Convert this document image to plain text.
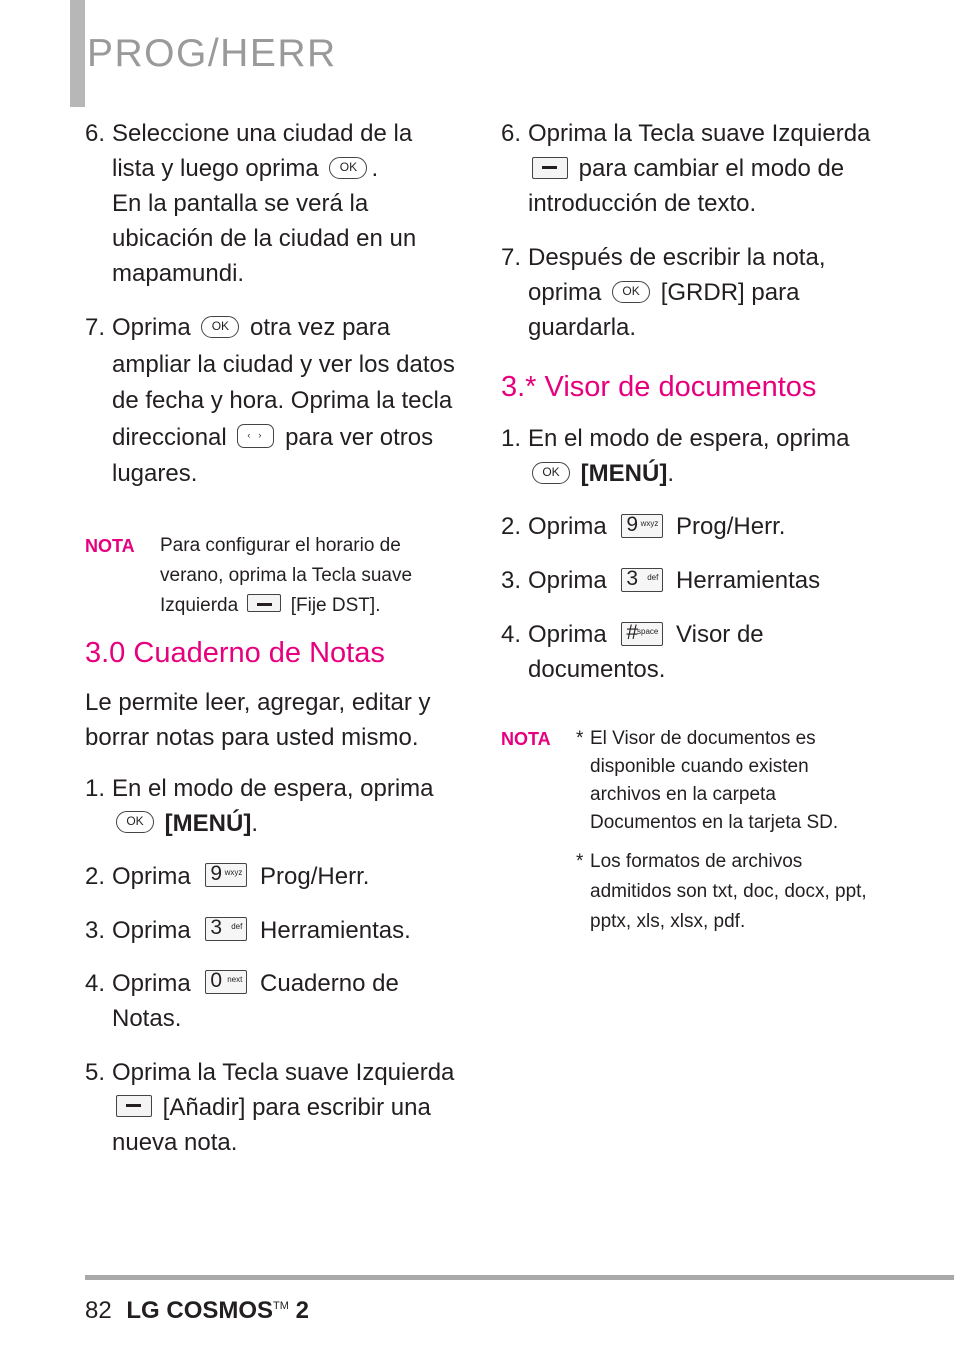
PROG/HERR
6. Seleccione una ciudad de la lista y luego oprima OK .
En la pantalla se verá la ubicación de la ciudad en un mapamundi.
7. Oprima OK otra vez para ampliar la ciudad y ver los datos de fecha y hora. Oprima la tecla direccional ‹› para ver otros lugares.
NOTA Para configurar el horario de verano, oprima la Tecla suave Izquierda	[Fije DST].
3.0 Cuaderno de Notas
Le permite leer, agregar, editar y borrar notas para usted mismo.
1. En el modo de espera, oprima
OK [MENÚ].
2. Oprima 9 wxyz Prog/Herr.
3. Oprima 3 def Herramientas.
4. Oprima 0 next Cuaderno de Notas.
5. Oprima la Tecla suave Izquierda
[Añadir] para escribir una nueva nota.
6. Oprima la Tecla suave Izquierda
para cambiar el modo de introducción de texto.
7. Después de escribir la nota, oprima OK [GRDR] para guardarla.
3.* Visor de documentos
1. En el modo de espera, oprima
OK [MENÚ].
2. Oprima 9 wxyz Prog/Herr.
3. Oprima 3 def Herramientas
4. Oprima #
space Visor de documentos.
NOTA * El Visor de documentos es disponible cuando existen archivos en la carpeta Documentos en la tarjeta SD.
* Los formatos de archivos admitidos son txt, doc, docx, ppt, pptx, xls, xlsx, pdf.
82 LG COSMOS™ 2
